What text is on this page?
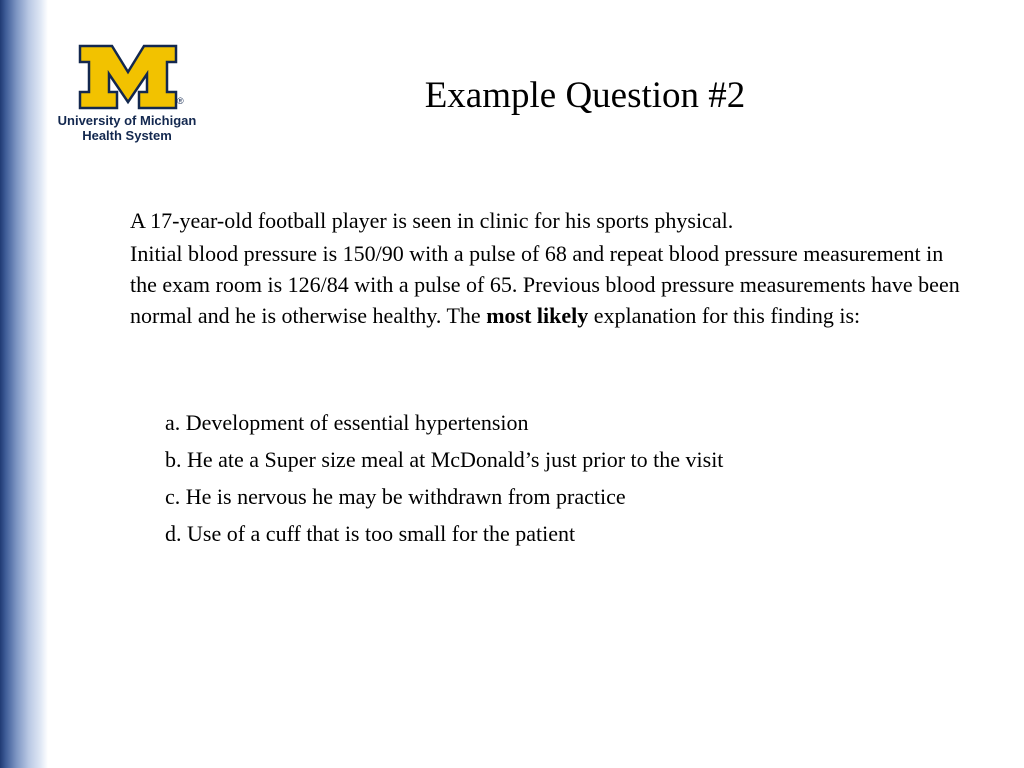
®
University of Michigan
Health System
Example Question #2

A 17-year-old football player is seen in clinic for his sports physical.

Initial blood pressure is 150/90 with a pulse of 68 and repeat blood pressure measurement in the exam room is 126/84 with a pulse of 65. Previous blood pressure measurements have been normal and he is otherwise healthy. The most likely explanation for this finding is:

a. Development of essential hypertension

b. He ate a Super size meal at McDonald’s just prior to the visit

c. He is nervous he may be withdrawn from practice

d. Use of a cuff that is too small for the patient
